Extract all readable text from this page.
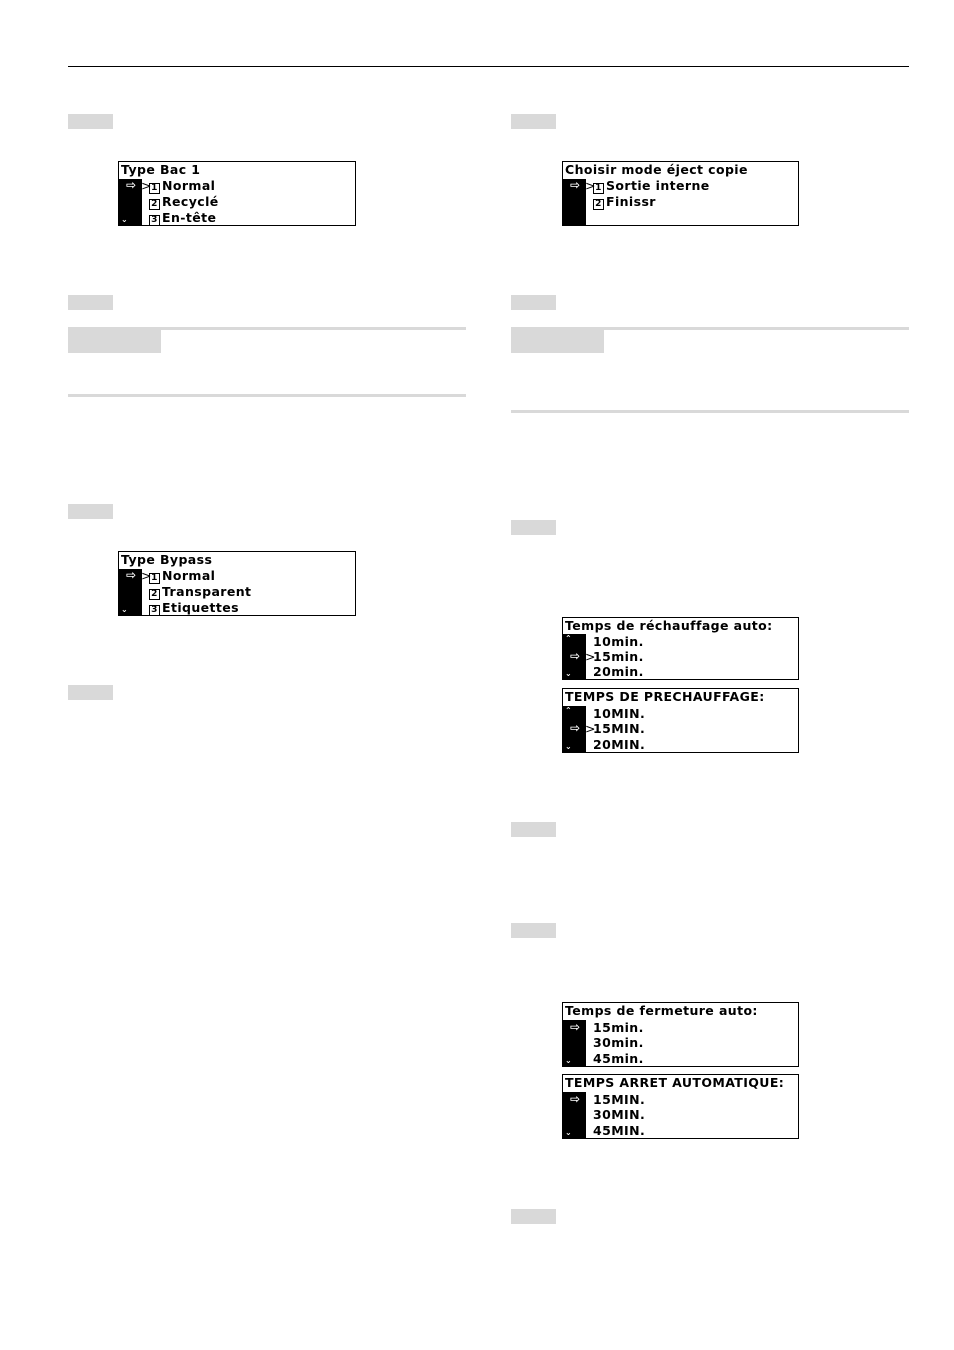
Type Bac 1
⇨ > 1 Normal
2 Recyclé
3 En-tête
⌄
Type Bypass
⇨ > 1 Normal
2 Transparent
3 Etiquettes
⌄
Choisir mode éject copie
⇨ > 1 Sortie interne
2 Finissr
Temps de réchauffage auto:
⌃
⇨ >
10min.
15min.
20min.
⌄
TEMPS DE PRECHAUFFAGE:
⌃
⇨ >
10MIN.
15MIN.
20MIN.
⌄
Temps de fermeture auto:
⇨ 15min.
30min.
45min.
⌄
TEMPS ARRET AUTOMATIQUE:
⇨ 15MIN.
30MIN.
45MIN.
⌄
